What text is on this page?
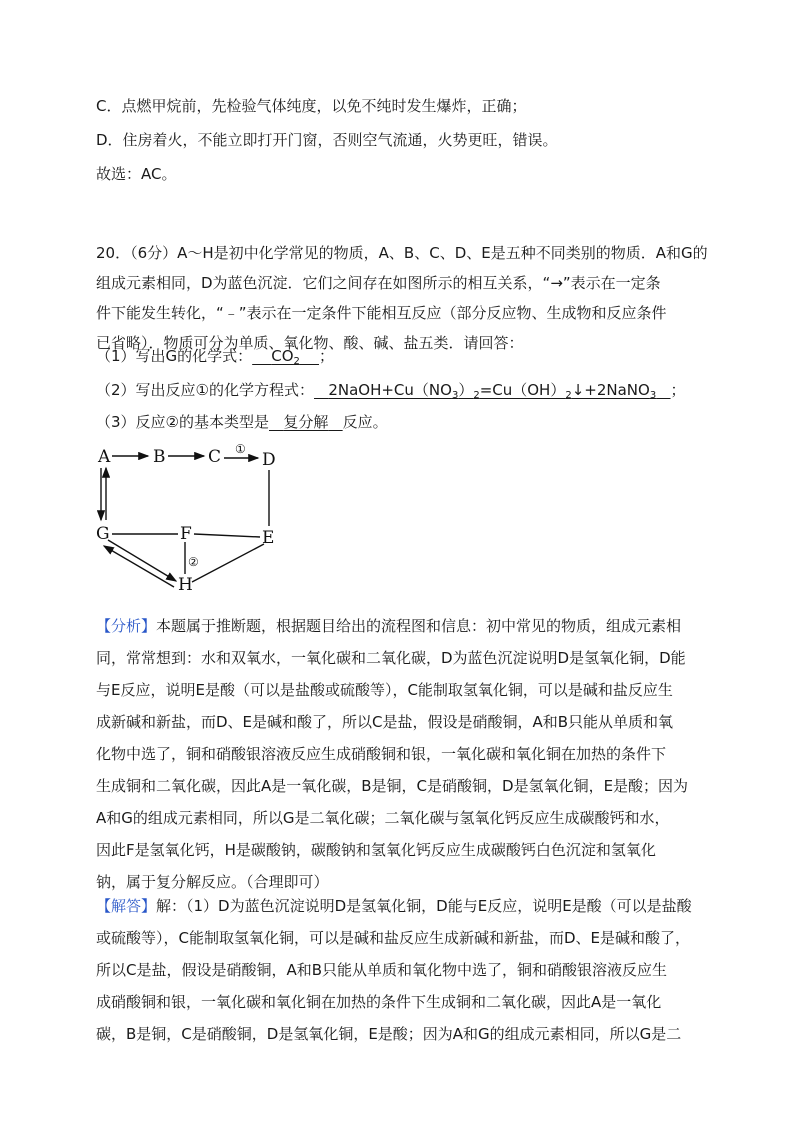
C．点燃甲烷前，先检验气体纯度，以免不纯时发生爆炸，正确；
D．住房着火，不能立即打开门窗，否则空气流通，火势更旺，错误。
故选：AC。

20．（6分）A～H是初中化学常见的物质，A、B、C、D、E是五种不同类别的物质．A和G的

组成元素相同，D为蓝色沉淀．它们之间存在如图所示的相互关系，“→”表示在一定条

件下能发生转化，“﹣”表示在一定条件下能相互反应（部分反应物、生成物和反应条件

已省略）．物质可分为单质、氧化物、酸、碱、盐五类．请回答：

（1）写出G的化学式： $CO_2$ ；
（2）写出反应①的化学方程式： $2NaOH+Cu(NO_3)_2=Cu(OH)_2↓+2NaNO_3$ ；
（3）反应②的基本类型是 复分解 反应。
A	B	C D
E
F
G
H
①
②

【分析】本题属于推断题，根据题目给出的流程图和信息：初中常见的物质，组成元素相

同，常常想到：水和双氧水，一氧化碳和二氧化碳，D为蓝色沉淀说明D是氢氧化铜，D能

与E反应，说明E是酸（可以是盐酸或硫酸等），C能制取氢氧化铜，可以是碱和盐反应生

成新碱和新盐，而D、E是碱和酸了，所以C是盐，假设是硝酸铜，A和B只能从单质和氧

化物中选了，铜和硝酸银溶液反应生成硝酸铜和银，一氧化碳和氧化铜在加热的条件下

生成铜和二氧化碳，因此A是一氧化碳，B是铜，C是硝酸铜，D是氢氧化铜，E是酸；因为

A和G的组成元素相同，所以G是二氧化碳；二氧化碳与氢氧化钙反应生成碳酸钙和水，

因此F是氢氧化钙，H是碳酸钠，碳酸钠和氢氧化钙反应生成碳酸钙白色沉淀和氢氧化

钠，属于复分解反应。（合理即可）

【解答】解：（1）D为蓝色沉淀说明D是氢氧化铜，D能与E反应，说明E是酸（可以是盐酸

或硫酸等），C能制取氢氧化铜，可以是碱和盐反应生成新碱和新盐，而D、E是碱和酸了，

所以C是盐，假设是硝酸铜，A和B只能从单质和氧化物中选了，铜和硝酸银溶液反应生

成硝酸铜和银，一氧化碳和氧化铜在加热的条件下生成铜和二氧化碳，因此A是一氧化

碳，B是铜，C是硝酸铜，D是氢氧化铜，E是酸；因为A和G的组成元素相同，所以G是二
